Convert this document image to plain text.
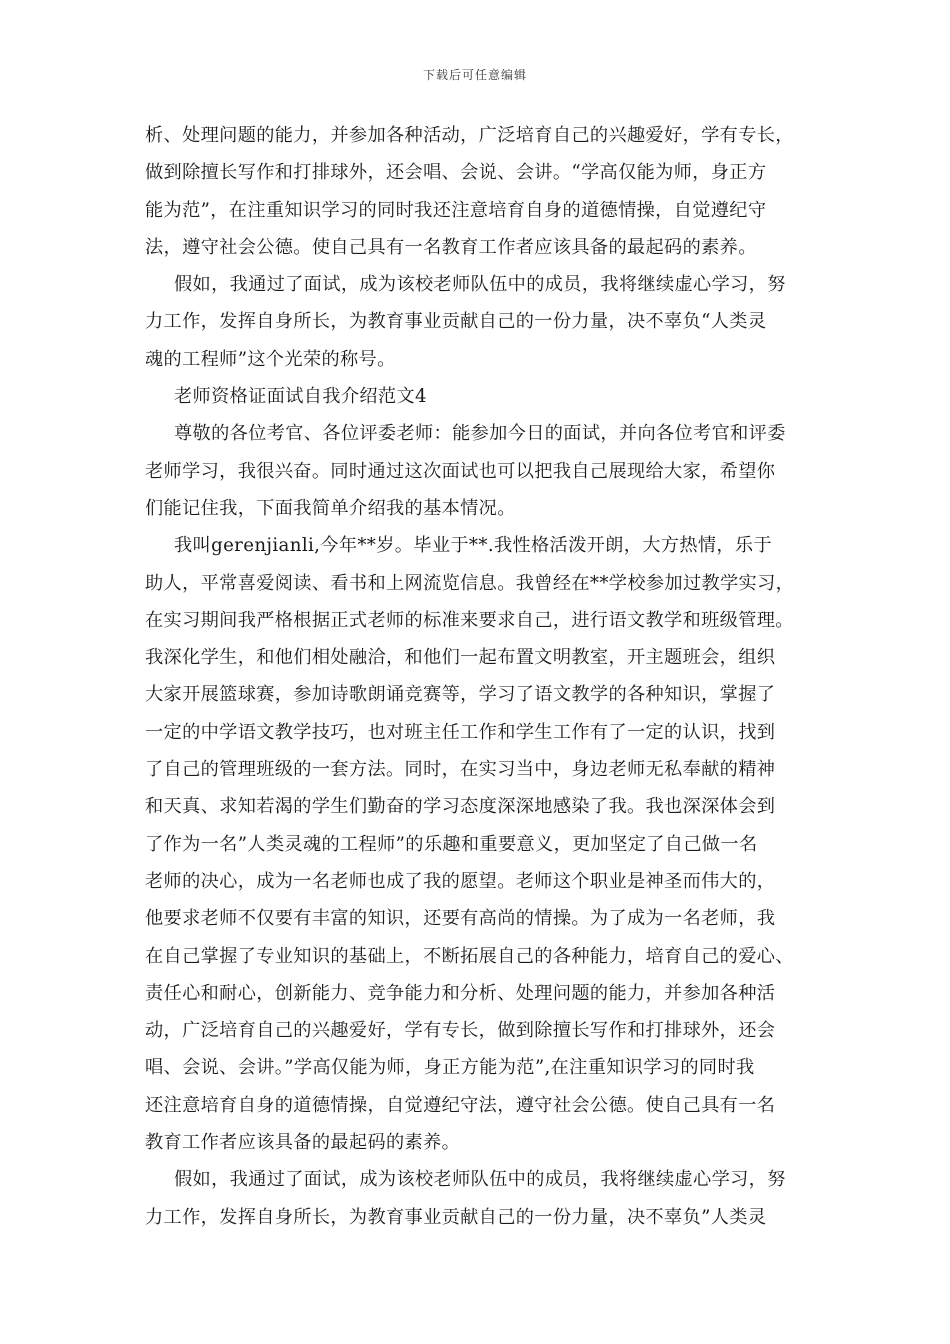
下载后可任意编辑
析、处理问题的能力，并参加各种活动，广泛培育自己的兴趣爱好，学有专长，
做到除擅长写作和打排球外，还会唱、会说、会讲。“学高仅能为师，身正方
能为范”，在注重知识学习的同时我还注意培育自身的道德情操，自觉遵纪守
法，遵守社会公德。使自己具有一名教育工作者应该具备的最起码的素养。
假如，我通过了面试，成为该校老师队伍中的成员，我将继续虚心学习，努
力工作，发挥自身所长，为教育事业贡献自己的一份力量，决不辜负“人类灵
魂的工程师”这个光荣的称号。
老师资格证面试自我介绍范文4
尊敬的各位考官、各位评委老师：能参加今日的面试，并向各位考官和评委
老师学习，我很兴奋。同时通过这次面试也可以把我自己展现给大家，希望你
们能记住我，下面我简单介绍我的基本情况。
我叫gerenjianli,今年**岁。毕业于**.我性格活泼开朗，大方热情，乐于
助人，平常喜爱阅读、看书和上网流览信息。我曾经在**学校参加过教学实习，
在实习期间我严格根据正式老师的标准来要求自己，进行语文教学和班级管理。
我深化学生，和他们相处融洽，和他们一起布置文明教室，开主题班会，组织
大家开展篮球赛，参加诗歌朗诵竞赛等，学习了语文教学的各种知识，掌握了
一定的中学语文教学技巧，也对班主任工作和学生工作有了一定的认识，找到
了自己的管理班级的一套方法。同时，在实习当中，身边老师无私奉献的精神
和天真、求知若渴的学生们勤奋的学习态度深深地感染了我。我也深深体会到
了作为一名”人类灵魂的工程师”的乐趣和重要意义，更加坚定了自己做一名
老师的决心，成为一名老师也成了我的愿望。老师这个职业是神圣而伟大的，
他要求老师不仅要有丰富的知识，还要有高尚的情操。为了成为一名老师，我
在自己掌握了专业知识的基础上，不断拓展自己的各种能力，培育自己的爱心、
责任心和耐心，创新能力、竞争能力和分析、处理问题的能力，并参加各种活
动，广泛培育自己的兴趣爱好，学有专长，做到除擅长写作和打排球外，还会
唱、会说、会讲。”学高仅能为师，身正方能为范”,在注重知识学习的同时我
还注意培育自身的道德情操，自觉遵纪守法，遵守社会公德。使自己具有一名
教育工作者应该具备的最起码的素养。
假如，我通过了面试，成为该校老师队伍中的成员，我将继续虚心学习，努
力工作，发挥自身所长，为教育事业贡献自己的一份力量，决不辜负”人类灵
